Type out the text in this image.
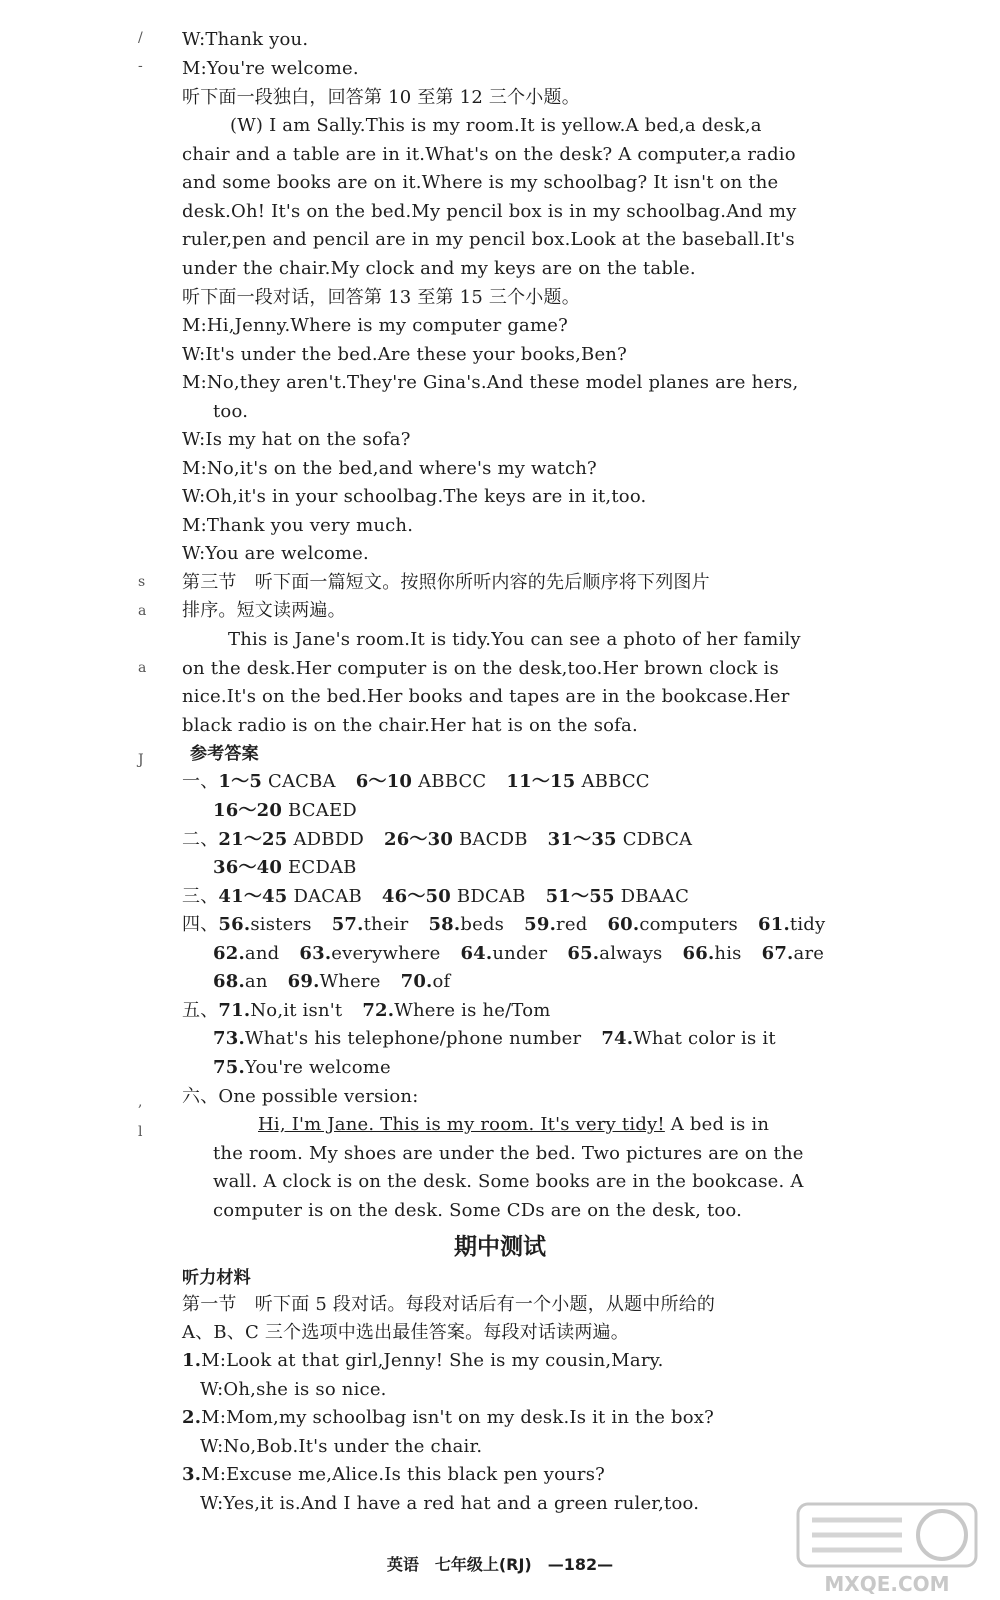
/
-
s
a
a
J
,
l
W:Thank you.
M:You're welcome.
听下面一段独白，回答第 10 至第 12 三个小题。
(W) I am Sally.This is my room.It is yellow.A bed,a desk,a
chair and a table are in it.What's on the desk? A computer,a radio
and some books are on it.Where is my schoolbag? It isn't on the
desk.Oh! It's on the bed.My pencil box is in my schoolbag.And my
ruler,pen and pencil are in my pencil box.Look at the baseball.It's
under the chair.My clock and my keys are on the table.
听下面一段对话，回答第 13 至第 15 三个小题。
M:Hi,Jenny.Where is my computer game?
W:It's under the bed.Are these your books,Ben?
M:No,they aren't.They're Gina's.And these model planes are hers,
too.
W:Is my hat on the sofa?
M:No,it's on the bed,and where's my watch?
W:Oh,it's in your schoolbag.The keys are in it,too.
M:Thank you very much.
W:You are welcome.
第三节　听下面一篇短文。按照你所听内容的先后顺序将下列图片
排序。短文读两遍。
This is Jane's room.It is tidy.You can see a photo of her family
on the desk.Her computer is on the desk,too.Her brown clock is
nice.It's on the bed.Her books and tapes are in the bookcase.Her
black radio is on the chair.Her hat is on the sofa.
参考答案
一、1～5 CACBA 6～10 ABBCC 11～15 ABBCC
16～20 BCAED
二、21～25 ADBDD 26～30 BACDB 31～35 CDBCA
36～40 ECDAB
三、41～45 DACAB 46～50 BDCAB 51～55 DBAAC
四、56.sisters 57.their 58.beds 59.red 60.computers 61.tidy
62.and 63.everywhere 64.under 65.always 66.his 67.are
68.an 69.Where 70.of
五、71.No,it isn't 72.Where is he/Tom
73.What's his telephone/phone number 74.What color is it
75.You're welcome
六、One possible version:
Hi, I'm Jane. This is my room. It's very tidy! A bed is in
the room. My shoes are under the bed. Two pictures are on the
wall. A clock is on the desk. Some books are in the bookcase. A
computer is on the desk. Some CDs are on the desk, too.
期中测试
听力材料
第一节　听下面 5 段对话。每段对话后有一个小题，从题中所给的
A、B、C 三个选项中选出最佳答案。每段对话读两遍。
1.M:Look at that girl,Jenny! She is my cousin,Mary.
W:Oh,she is so nice.
2.M:Mom,my schoolbag isn't on my desk.Is it in the box?
W:No,Bob.It's under the chair.
3.M:Excuse me,Alice.Is this black pen yours?
W:Yes,it is.And I have a red hat and a green ruler,too.
英语　七年级上(RJ)　—182—
MXQE.COM
